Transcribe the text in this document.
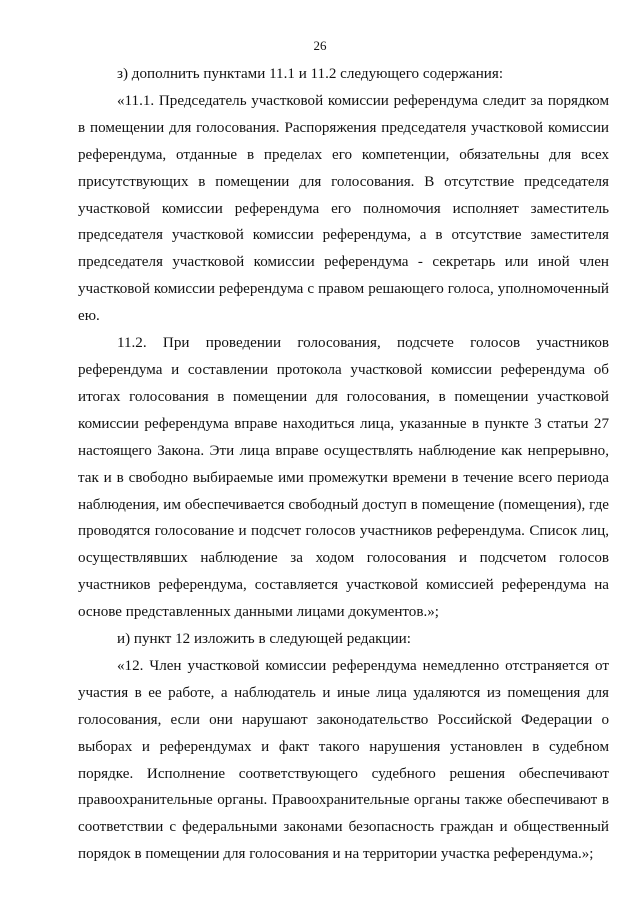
26

з) дополнить пунктами 11.1 и 11.2 следующего содержания:

«11.1. Председатель участковой комиссии референдума следит за порядком в помещении для голосования. Распоряжения председателя участковой комиссии референдума, отданные в пределах его компетенции, обязательны для всех присутствующих в помещении для голосования. В отсутствие председателя участковой комиссии референдума его полномочия исполняет заместитель председателя участковой комиссии референдума, а в отсутствие заместителя председателя участковой комиссии референдума - секретарь или иной член участковой комиссии референдума с правом решающего голоса, уполномоченный ею.

11.2. При проведении голосования, подсчете голосов участников референдума и составлении протокола участковой комиссии референдума об итогах голосования в помещении для голосования, в помещении участковой комиссии референдума вправе находиться лица, указанные в пункте 3 статьи 27 настоящего Закона. Эти лица вправе осуществлять наблюдение как непрерывно, так и в свободно выбираемые ими промежутки времени в течение всего периода наблюдения, им обеспечивается свободный доступ в помещение (помещения), где проводятся голосование и подсчет голосов участников референдума. Список лиц, осуществлявших наблюдение за ходом голосования и подсчетом голосов участников референдума, составляется участковой комиссией референдума на основе представленных данными лицами документов.»;

и) пункт 12 изложить в следующей редакции:

«12. Член участковой комиссии референдума немедленно отстраняется от участия в ее работе, а наблюдатель и иные лица удаляются из помещения для голосования, если они нарушают законодательство Российской Федерации о выборах и референдумах и факт такого нарушения установлен в судебном порядке. Исполнение соответствующего судебного решения обеспечивают правоохранительные органы. Правоохранительные органы также обеспечивают в соответствии с федеральными законами безопасность граждан и общественный порядок в помещении для голосования и на территории участка референдума.»;
